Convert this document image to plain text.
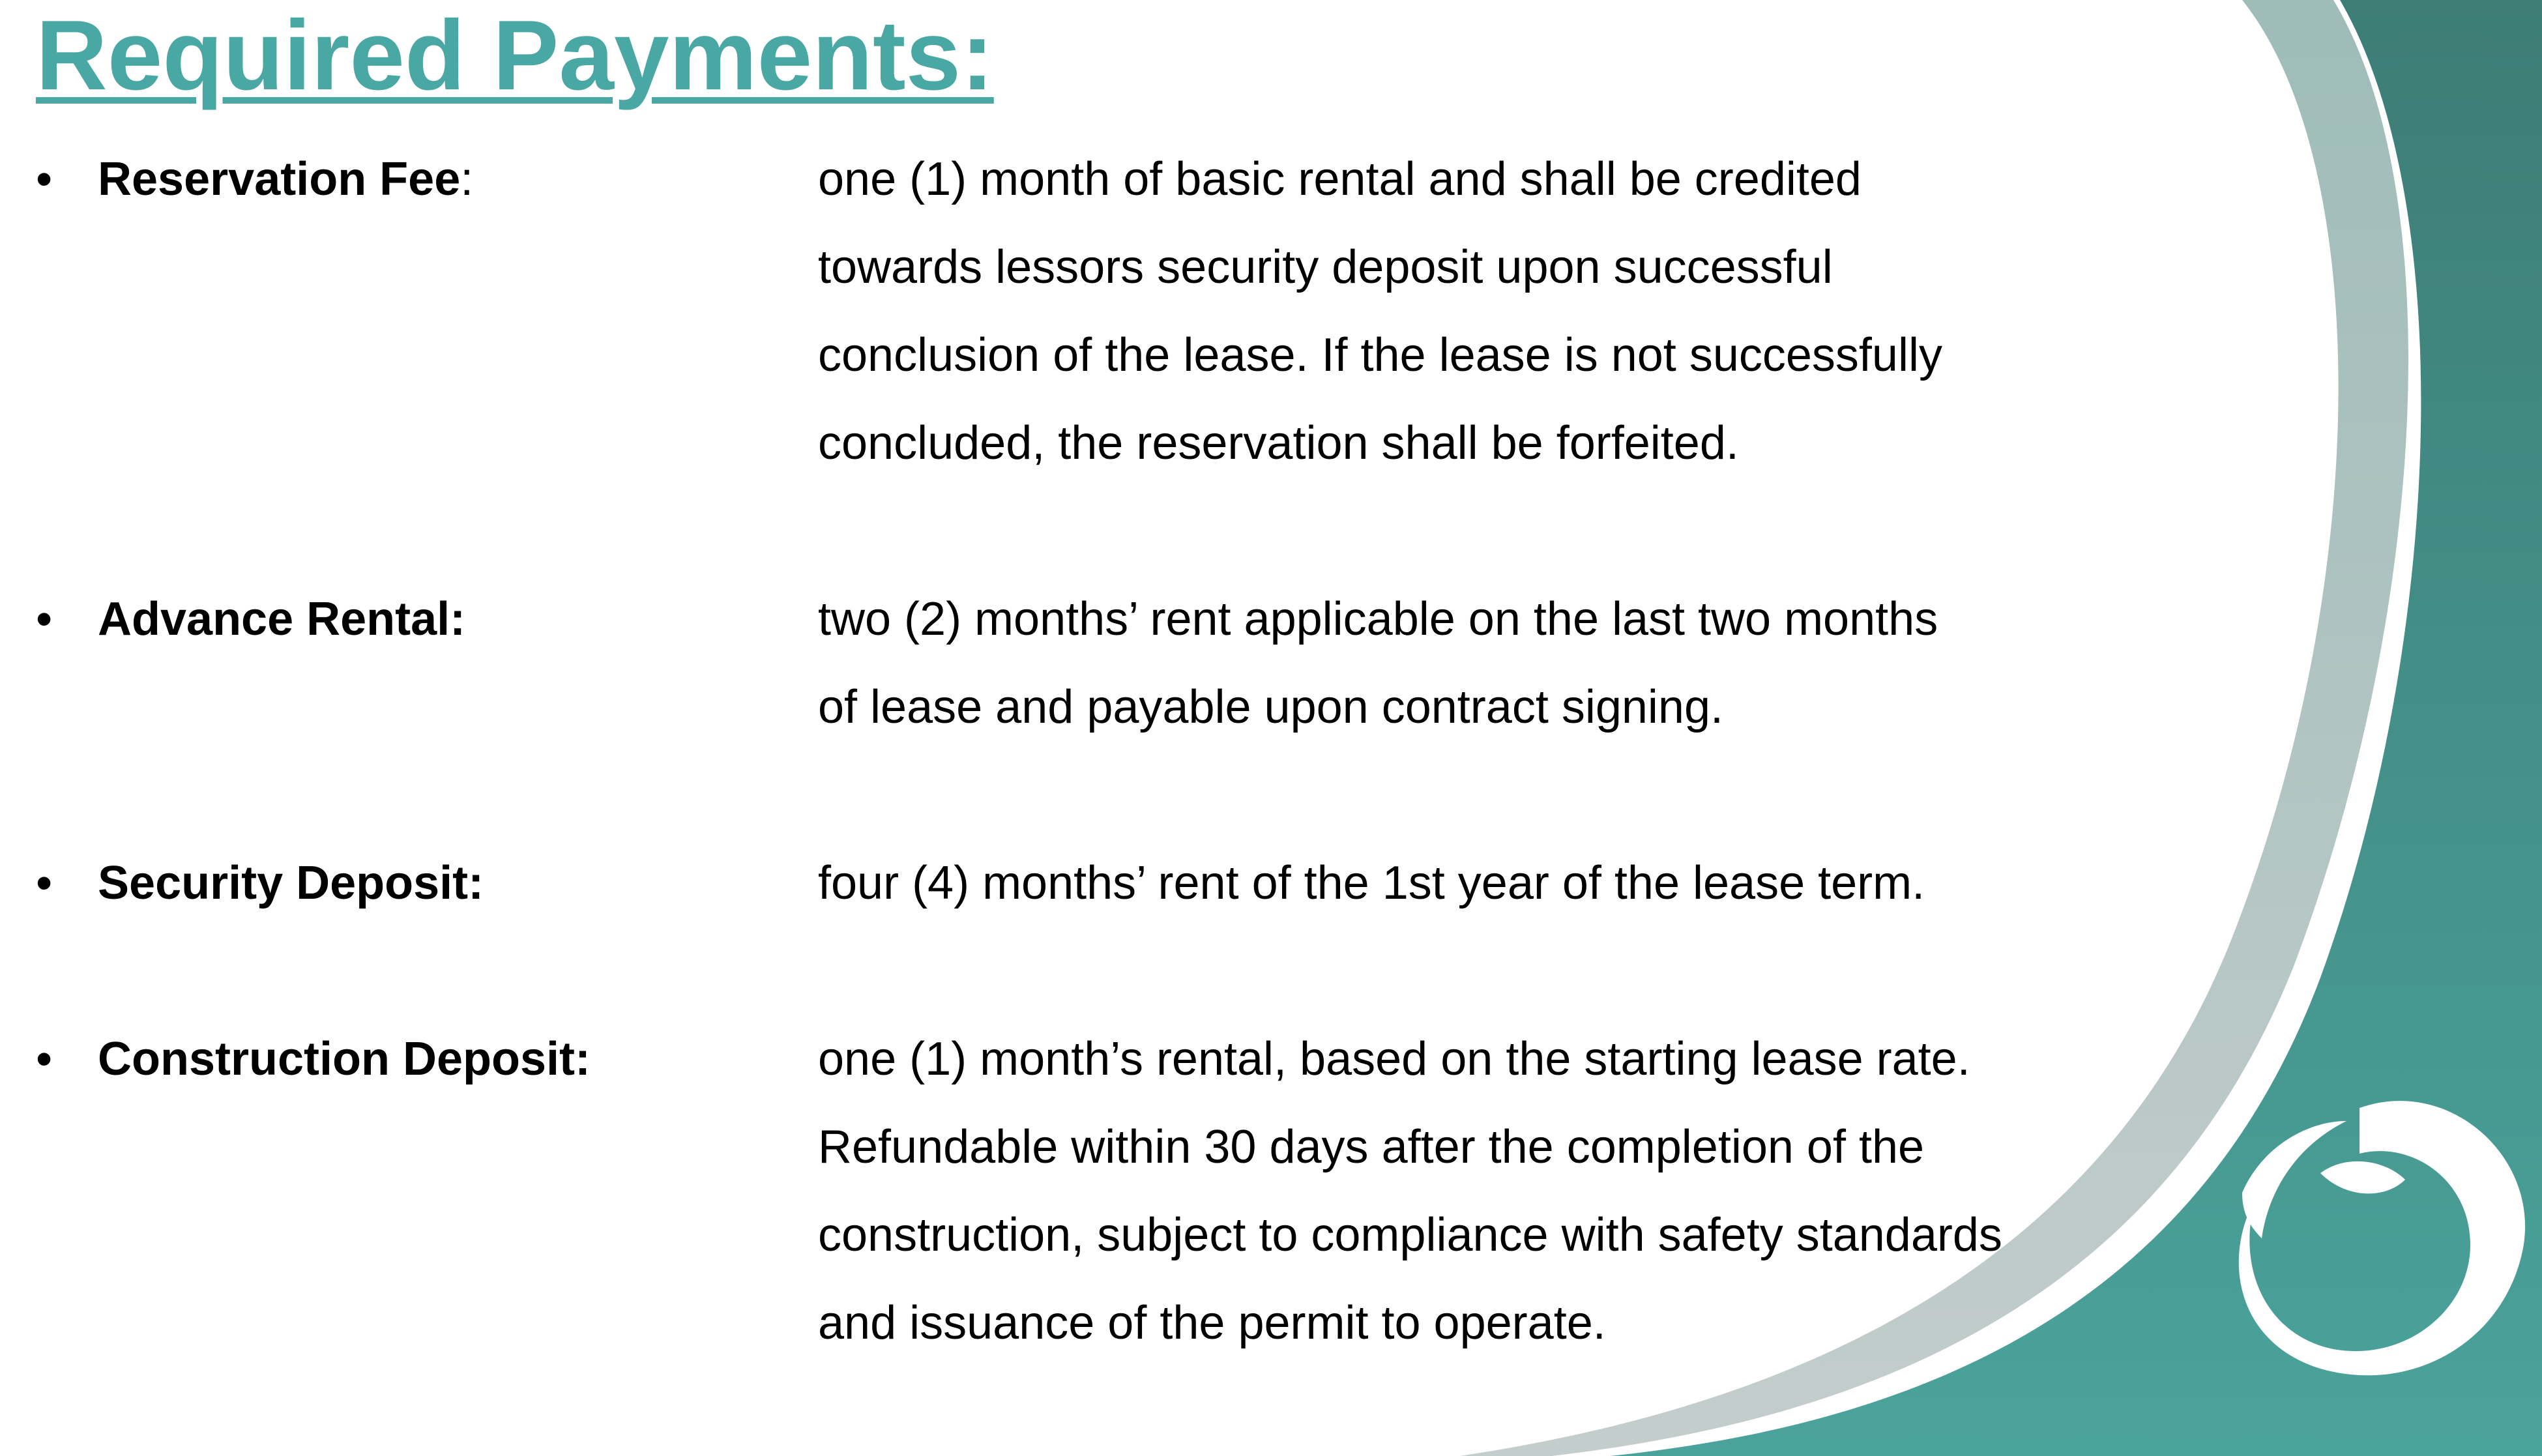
Required Payments:
• Reservation Fee:	one (1) month of basic rental and shall be credited
towards lessors security deposit upon successful
conclusion of the lease. If the lease is not successfully
concluded, the reservation shall be forfeited.
• Advance Rental:	two (2) months’ rent applicable on the last two months
of lease and payable upon contract signing.
• Security Deposit:	four (4) months’ rent of the 1st year of the lease term.
• Construction Deposit:	one (1) month’s rental, based on the starting lease rate.
Refundable within 30 days after the completion of the
construction, subject to compliance with safety standards
and issuance of the permit to operate.
